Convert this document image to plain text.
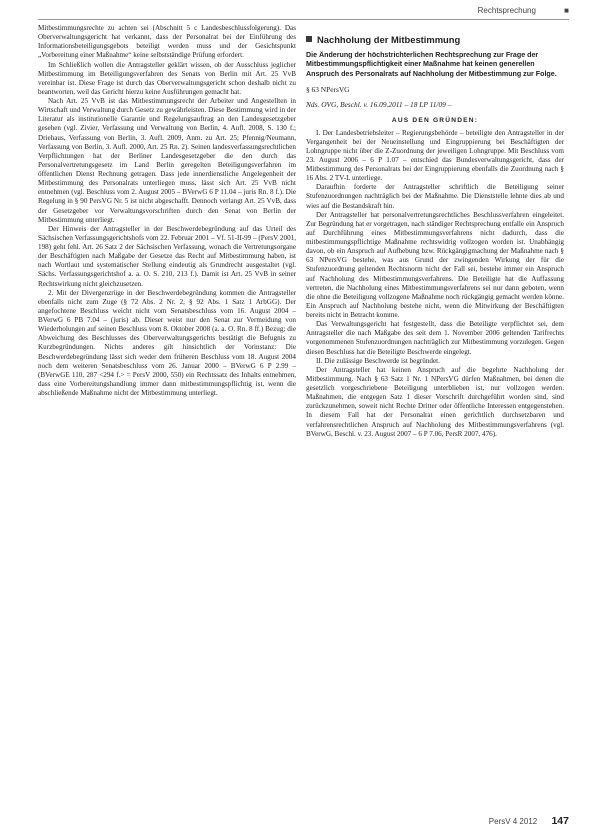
Rechtsprechung	■

Mitbestimmungsrechte zu achten sei (Abschnitt 5 c Landesbeschlussfolgerung). Das Oberverwaltungsgericht hat verkannt, dass der Personalrat bei der Einführung des Informationsbeteiligungsgebots beteiligt werden muss und der Gesichtspunkt „Vorbereitung einer Maßnahme“ keine selbstständige Prüfung erfordert.

Im Schließlich wollen die Antragsteller geklärt wissen, ob der Ausschluss jeglicher Mitbestimmung im Beteiligungsverfahren des Senats von Berlin mit Art. 25 VvB vereinbar ist. Diese Frage ist durch das Oberverwaltungsgericht schon deshalb nicht zu beantworten, weil das Gericht hierzu keine Ausführungen gemacht hat.

Nach Art. 25 VvB ist das Mitbestimmungsrecht der Arbeiter und Angestellten in Wirtschaft und Verwaltung durch Gesetz zu gewährleisten. Diese Bestimmung wird in der Literatur als institutionelle Garantie und Regelungsauftrag an den Landesgesetzgeber gesehen (vgl. Zivier, Verfassung und Verwaltung von Berlin, 4. Aufl. 2008, S. 130 f.; Driehaus, Verfassung von Berlin, 3. Aufl. 2009, Anm. zu Art. 25; Pfennig/Neumann, Verfassung von Berlin, 3. Aufl. 2000, Art. 25 Rn. 2). Seinen landesverfassungsrechtlichen Verpflichtungen hat der Berliner Landesgesetzgeber die den durch das Personalvertretungsgesetz im Land Berlin geregelten Beteiligungsverfahren im öffentlichen Dienst Rechnung getragen. Dass jede innerdienstliche Angelegenheit der Mitbestimmung des Personalrats unterliegen muss, lässt sich Art. 25 VvB nicht entnehmen (vgl. Beschluss vom 2. August 2005 – BVerwG 6 P 11.04 – juris Rn. 8 f.). Die Regelung in § 90 PersVG Nr. 5 ist nicht abgeschafft. Dennoch verlangt Art. 25 VvB, dass der Gesetzgeber vor Verwaltungsvorschriften durch den Senat von Berlin der Mitbestimmung unterliegt.

Der Hinweis der Antragsteller in der Beschwerdebegründung auf das Urteil des Sächsischen Verfassungsgerichtshofs vom 22. Februar 2001 – Vf. 51-II-99 – (PersV 2001, 198) geht fehl. Art. 26 Satz 2 der Sächsischen Verfassung, wonach die Vertretungsorgane der Beschäftigten nach Maßgabe der Gesetze das Recht auf Mitbestimmung haben, ist nach Wortlaut und systematischer Stellung eindeutig als Grundrecht ausgestaltet (vgl. Sächs. Verfassungsgerichtshof a. a. O. S. 210, 213 f.). Damit ist Art. 25 VvB in seiner Rechtswirkung nicht gleichzusetzen.

2. Mit der Divergenzrüge in der Beschwerdebegründung kommen die Antragsteller ebenfalls nicht zum Zuge (§ 72 Abs. 2 Nr. 2, § 92 Abs. 1 Satz 1 ArbGG). Der angefochtene Beschluss weicht nicht vom Senatsbeschluss vom 16. August 2004 – BVerwG 6 PB 7.04 – (juris) ab. Dieser weist nur den Senat zur Vermeidung von Wiederholungen auf seinen Beschluss vom 8. Oktober 2008 (a. a. O. Rn. 8 ff.) Bezug; die Abweichung des Beschlusses des Oberverwaltungsgerichts bestätigt die Befugnis zu Kurzbegründungen. Nichts anderes gilt hinsichtlich der Vorinstanz: Die Beschwerdebegründung lässt sich weder dem früheren Beschluss vom 18. August 2004 noch dem weiteren Senatsbeschluss vom 26. Januar 2000 – BVerwG 6 P 2.99 – (BVerwGE 110, 287 <294 f.> = PersV 2000, 550) ein Rechtssatz des Inhalts entnehmen, dass eine Vorbereitungshandlung immer dann mitbestimmungspflichtig ist, wenn die abschließende Maßnahme nicht der Mitbestimmung unterliegt.

Nachholung der Mitbestimmung
Die Änderung der höchstrichterlichen Rechtsprechung zur Frage der Mitbestimmungspflichtigkeit einer Maßnahme hat keinen generellen Anspruch des Personalrats auf Nachholung der Mitbestimmung zur Folge.
§ 63 NPersVG
Nds. OVG, Beschl. v. 16.09.2011 – 18 LP 11/09 –
AUS DEN GRÜNDEN:

I. Der Landesbetriebsleiter – Regierungsbehörde – beteiligte den Antragsteller in der Vergangenheit bei der Neueinstellung und Eingruppierung bei Beschäftigten der Lohngruppe nicht über die Z-Zuordnung der jeweiligen Lohngruppe. Mit Beschluss vom 23. August 2006 – 6 P 1.07 – entschied das Bundesverwaltungsgericht, dass der Mitbestimmung des Personalrats bei der Eingruppierung ebenfalls die Zuordnung nach § 16 Abs. 2 TV-L unterliege.

Daraufhin forderte der Antragsteller schriftlich die Beteiligung seiner Stufenzuordnungen nachträglich bei der Maßnahme. Die Dienststelle lehnte dies ab und wies auf die Bestandskraft hin.

Der Antragsteller hat personalvertretungsrechtliches Beschlussverfahren eingeleitet. Zur Begründung hat er vorgetragen, nach ständiger Rechtsprechung entfalle ein Anspruch auf Durchführung eines Mitbestimmungsverfahrens nicht dadurch, dass die mitbestimmungspflichtige Maßnahme rechtswidrig vollzogen worden ist. Unabhängig davon, ob ein Anspruch auf Aufhebung bzw. Rückgängigmachung der Maßnahme nach § 63 NPersVG bestehe, was aus Grund der zwingenden Wirkung der für die Stufenzuordnung geltenden Rechtsnorm nicht der Fall sei, bestehe immer ein Anspruch auf Nachholung des Mitbestimmungsverfahrens. Die Beteiligte hat die Auffassung vertreten, die Nachholung eines Mitbestimmungsverfahrens sei nur dann geboten, wenn die ohne die Beteiligung vollzogene Maßnahme noch rückgängig gemacht werden könne. Ein Anspruch auf Nachholung bestehe nicht, wenn die Mitwirkung der Beschäftigten bereits nicht in Betracht komme.

Das Verwaltungsgericht hat festgestellt, dass die Beteiligte verpflichtet sei, dem Antragsteller die nach Maßgabe des seit dem 1. November 2006 geltenden Tarifrechts vorgenommenen Stufenzuordnungen nachträglich zur Mitbestimmung vorzulegen. Gegen diesen Beschluss hat die Beteiligte Beschwerde eingelegt.

II. Die zulässige Beschwerde ist begründet.

Der Antragsteller hat keinen Anspruch auf die begehrte Nachholung der Mitbestimmung. Nach § 63 Satz 1 Nr. 1 NPersVG dürfen Maßnahmen, bei denen die gesetzlich vorgeschriebene Beteiligung unterblieben ist, nur vollzogen werden. Maßnahmen, die entgegen Satz 1 dieser Vorschrift durchgeführt worden sind, sind zurückzunehmen, soweit nicht Rechte Dritter oder öffentliche Interessen entgegenstehen. In diesem Fall hat der Personalrat einen gerichtlich durchsetzbaren und verfahrensrechtlichen Anspruch auf Nachholung des Mitbestimmungsverfahrens (vgl. BVerwG, Beschl. v. 23. August 2007 – 6 P 7.06, PersR 2007, 476).

PersV 4 2012 147
